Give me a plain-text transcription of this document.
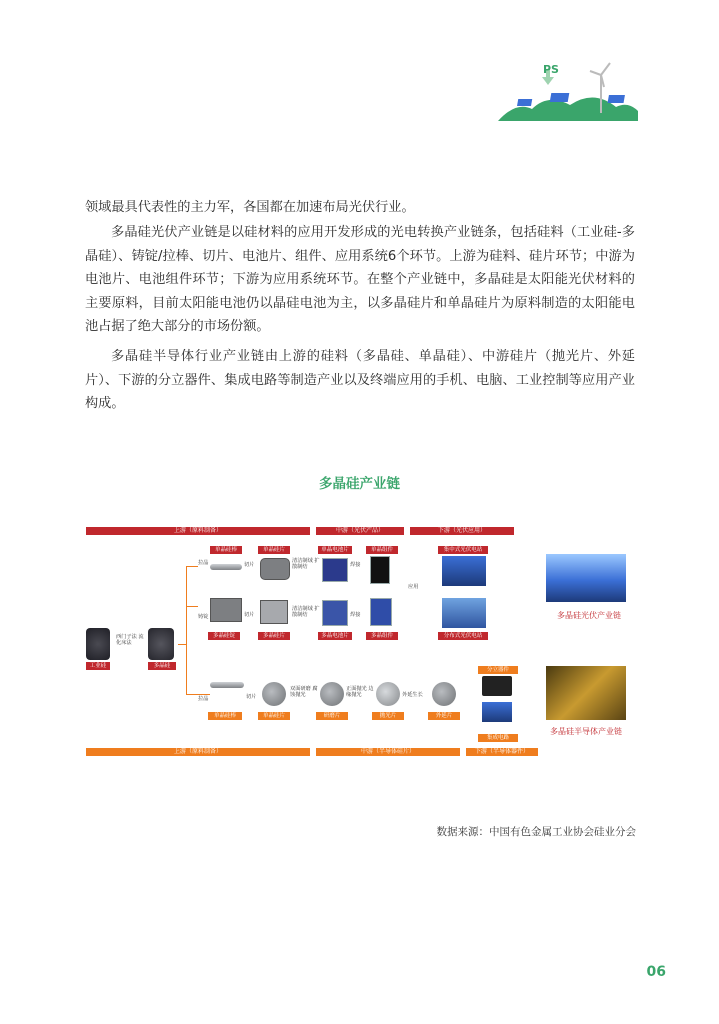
PS
领域最具代表性的主力军，各国都在加速布局光伏行业。
多晶硅光伏产业链是以硅材料的应用开发形成的光电转换产业链条，包括硅料（工业硅-多晶硅）、铸锭/拉棒、切片、电池片、组件、应用系统6个环节。上游为硅料、硅片环节；中游为电池片、电池组件环节；下游为应用系统环节。在整个产业链中，多晶硅是太阳能光伏材料的主要原料，目前太阳能电池仍以晶硅电池为主，以多晶硅片和单晶硅片为原料制造的太阳能电池占据了绝大部分的市场份额。
多晶硅半导体行业产业链由上游的硅料（多晶硅、单晶硅）、中游硅片（抛光片、外延片）、下游的分立器件、集成电路等制造产业以及终端应用的手机、电脑、工业控制等应用产业构成。
多晶硅产业链
上游（原料制备）	中游（光伏产品）	下游（光伏应用）
工业硅
西门子法 流化床法
多晶硅
拉晶
单晶硅棒
切片
单晶硅片
清洁制绒 扩散制结
单晶电池片
焊接
单晶组件
铸锭
多晶硅锭
切片
多晶硅片
清洁制绒 扩散制结
多晶电池片
焊接
多晶组件
应用
集中式光伏电站
分布式光伏电站
拉晶
单晶硅棒
切片
单晶硅片
双面研磨 腐蚀抛光
研磨片
正面抛光 边缘抛光
抛光片
外延生长
外延片
分立器件
集成电路
上游（原料制备）	中游（半导体硅片）	下游（半导体器件）
多晶硅光伏产业链
多晶硅半导体产业链
数据来源：中国有色金属工业协会硅业分会
06
